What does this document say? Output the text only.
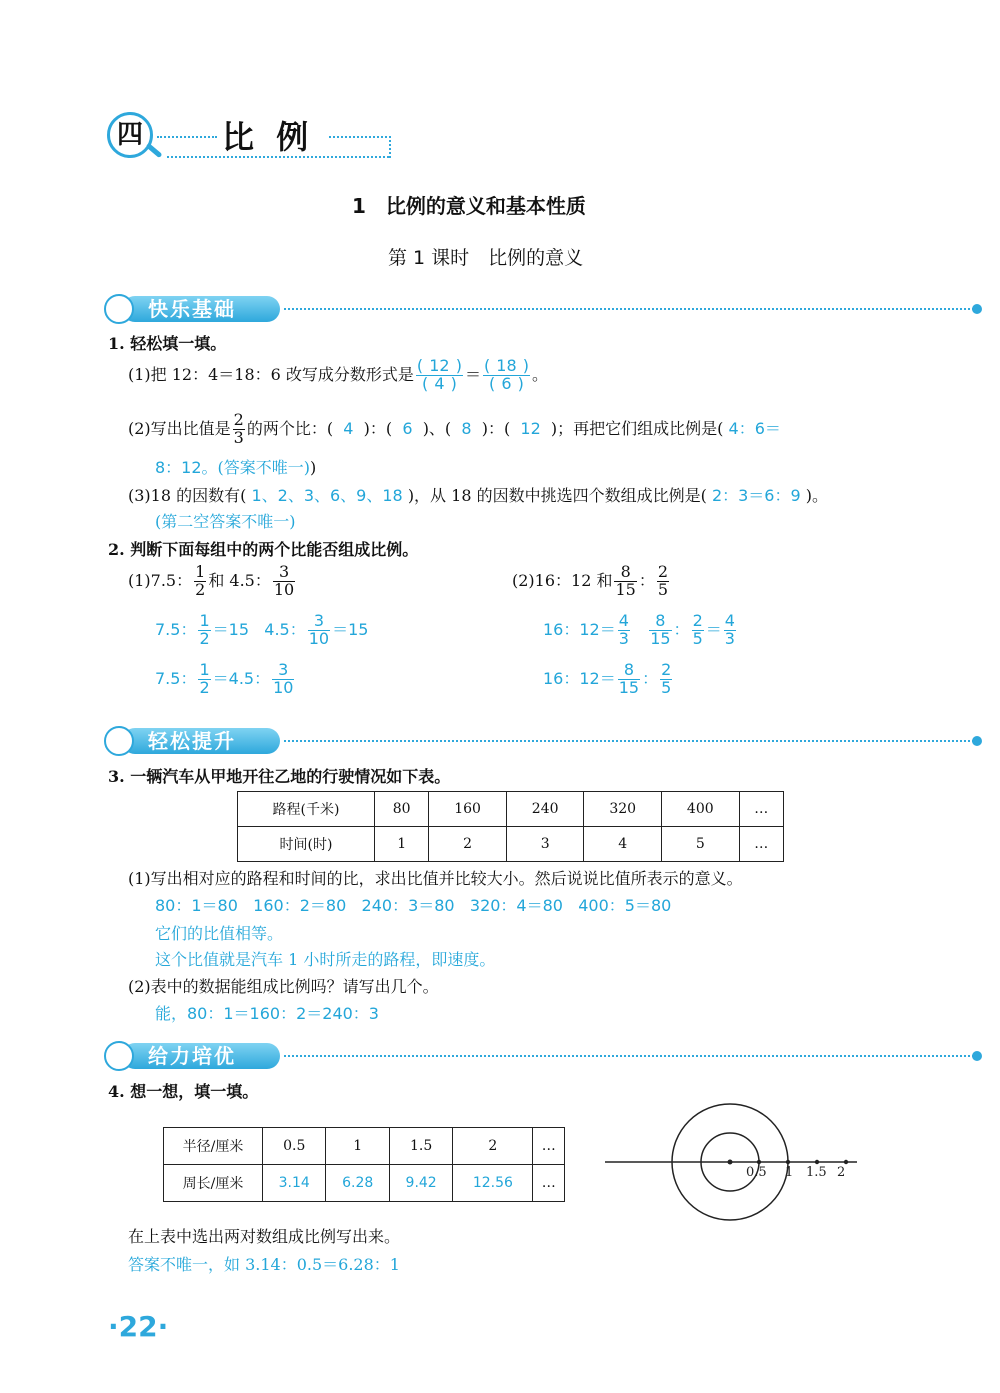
四	比  例
1　比例的意义和基本性质
第 1 课时　比例的意义
快乐基础
1. 轻松填一填。
(1)把 12：4＝18：6 改写成分数形式是 $\frac{( 12 )}{( 4 )} = \frac{( 18 )}{( 6 )}$ 。
(2)写出比值是 $\frac{2}{3}$ 的两个比：(  4  )：(  6  )、(  8  )：(  12  )；再把它们组成比例是( 4：6＝
8：12。(答案不唯一))
(3)18 的因数有( 1、2、3、6、9、18 )，从 18 的因数中挑选四个数组成比例是( 2：3＝6：9 )。
(第二空答案不唯一)
2. 判断下面每组中的两个比能否组成比例。
(1)7.5： $\frac{1}{2}$ 和 4.5： $\frac{3}{10}$
7.5： $\frac{1}{2} =15$ 4.5： $\frac{3}{10} =15$
7.5： $\frac{1}{2} =4.5$： $\frac{3}{10}$
(2)16：12 和 $\frac{8}{15}$ ： $\frac{2}{5}$
16：$12= \frac{4}{3}$
$\frac{8}{15}$ ： $\frac{2}{5} = \frac{4}{3}$
16：$12= \frac{8}{15}$ ： $\frac{2}{5}$
轻松提升
3. 一辆汽车从甲地开往乙地的行驶情况如下表。
路程(千米)	80	160	240	320	400	…
时间(时)	1	2	3	4	5	…
(1)写出相对应的路程和时间的比，求出比值并比较大小。然后说说比值所表示的意义。
80：1＝80 160：2＝80 240：3＝80 320：4＝80 400：5＝80
它们的比值相等。
这个比值就是汽车 1 小时所走的路程，即速度。
(2)表中的数据能组成比例吗？请写出几个。
能，80：1＝160：2＝240：3
给力培优
4. 想一想，填一填。
半径/厘米	0.5	1	1.5	2	…
周长/厘米	3.14	6.28	9.42	12.56	…
0.5 1 1.5 2
在上表中选出两对数组成比例写出来。
答案不唯一，如 3.14：0.5＝6.28：1
·22·
